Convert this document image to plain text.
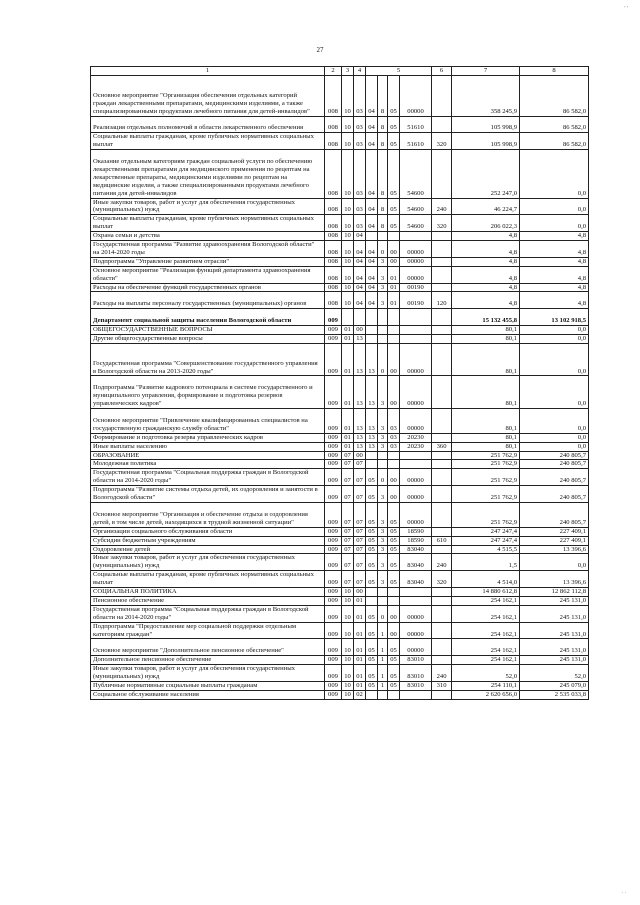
27
' '
. .
1	2	3	4	5				6	7	8
Основное мероприятие "Организация обеспечения отдельных категорий граждан лекарственными препаратами, медицинскими изделиями, а также специализированными продуктами лечебного питания для детей-инвалидов"	008	10	03	04	8	05	00000		358 245,9	86 582,0
Реализация отдельных полномочий в области лекарственного обеспечения	008	10	03	04	8	05	51610		105 998,9	86 582,0
Социальные выплаты гражданам, кроме публичных нормативных социальных выплат	008	10	03	04	8	05	51610	320	105 998,9	86 582,0
Оказание отдельным категориям граждан социальной услуги по обеспечению лекарственными препаратами для медицинского применения по рецептам на лекарственные препараты, медицинскими изделиями по рецептам на медицинские изделия, а также специализированными продуктами лечебного питания для детей-инвалидов	008	10	03	04	8	05	54600		252 247,0	0,0
Иные закупки товаров, работ и услуг для обеспечения государственных (муниципальных) нужд	008	10	03	04	8	05	54600	240	46 224,7	0,0
Социальные выплаты гражданам, кроме публичных нормативных социальных выплат	008	10	03	04	8	05	54600	320	206 022,3	0,0
Охрана семьи и детства	008	10	04						4,8	4,8
Государственная программа "Развитие здравоохранения Вологодской области" на 2014-2020 годы	008	10	04	04	0	00	00000		4,8	4,8
Подпрограмма "Управление развитием отрасли"	008	10	04	04	3	00	00000		4,8	4,8
Основное мероприятие "Реализация функций департамента здравоохранения области"	008	10	04	04	3	01	00000		4,8	4,8
Расходы на обеспечение функций государственных органов	008	10	04	04	3	01	00190		4,8	4,8
Расходы на выплаты персоналу государственных (муниципальных) органов	008	10	04	04	3	01	00190	120	4,8	4,8
Департамент социальной защиты населения Вологодской области	009								15 132 455,8	13 102 918,5
ОБЩЕГОСУДАРСТВЕННЫЕ ВОПРОСЫ	009	01	00						80,1	0,0
Другие общегосударственные вопросы	009	01	13						80,1	0,0
Государственная программа "Совершенствование государственного управления в Вологодской области на 2013-2020 годы"	009	01	13	13	0	00	00000		80,1	0,0
Подпрограмма "Развитие кадрового потенциала в системе государственного и муниципального управления, формирование и подготовка резервов управленческих кадров"	009	01	13	13	3	00	00000		80,1	0,0
Основное мероприятие "Привлечение квалифицированных специалистов на государственную гражданскую службу области"	009	01	13	13	3	03	00000		80,1	0,0
Формирование и подготовка резерва управленческих кадров	009	01	13	13	3	03	20230		80,1	0,0
Иные выплаты населению	009	01	13	13	3	03	20230	360	80,1	0,0
ОБРАЗОВАНИЕ	009	07	00						251 762,9	240 805,7
Молодежная политика	009	07	07						251 762,9	240 805,7
Государственная программа "Социальная поддержка граждан в Вологодской области на 2014-2020 годы"	009	07	07	05	0	00	00000		251 762,9	240 805,7
Подпрограмма "Развитие системы отдыха детей, их оздоровления и занятости в Вологодской области"	009	07	07	05	3	00	00000		251 762,9	240 805,7
Основное мероприятие "Организация и обеспечение отдыха и оздоровления детей, в том числе детей, находящихся в трудной жизненной ситуации"	009	07	07	05	3	05	00000		251 762,9	240 805,7
Организации социального обслуживания области	009	07	07	05	3	05	18590		247 247,4	227 409,1
Субсидии бюджетным учреждениям	009	07	07	05	3	05	18590	610	247 247,4	227 409,1
Оздоровление детей	009	07	07	05	3	05	83040		4 515,5	13 396,6
Иные закупки товаров, работ и услуг для обеспечения государственных (муниципальных) нужд	009	07	07	05	3	05	83040	240	1,5	0,0
Социальные выплаты гражданам, кроме публичных нормативных социальных выплат	009	07	07	05	3	05	83040	320	4 514,0	13 396,6
СОЦИАЛЬНАЯ ПОЛИТИКА	009	10	00						14 880 612,8	12 862 112,8
Пенсионное обеспечение	009	10	01						254 162,1	245 131,0
Государственная программа "Социальная поддержка граждан в Вологодской области на 2014-2020 годы"	009	10	01	05	0	00	00000		254 162,1	245 131,0
Подпрограмма "Предоставление мер социальной поддержки отдельным категориям граждан"	009	10	01	05	1	00	00000		254 162,1	245 131,0
Основное мероприятие "Дополнительное пенсионное обеспечение"	009	10	01	05	1	05	00000		254 162,1	245 131,0
Дополнительное пенсионное обеспечение	009	10	01	05	1	05	83010		254 162,1	245 131,0
Иные закупки товаров, работ и услуг для обеспечения государственных (муниципальных) нужд	009	10	01	05	1	05	83010	240	52,0	52,0
Публичные нормативные социальные выплаты гражданам	009	10	01	05	1	05	83010	310	254 110,1	245 079,0
Социальное обслуживание населения	009	10	02						2 620 656,0	2 535 033,8
